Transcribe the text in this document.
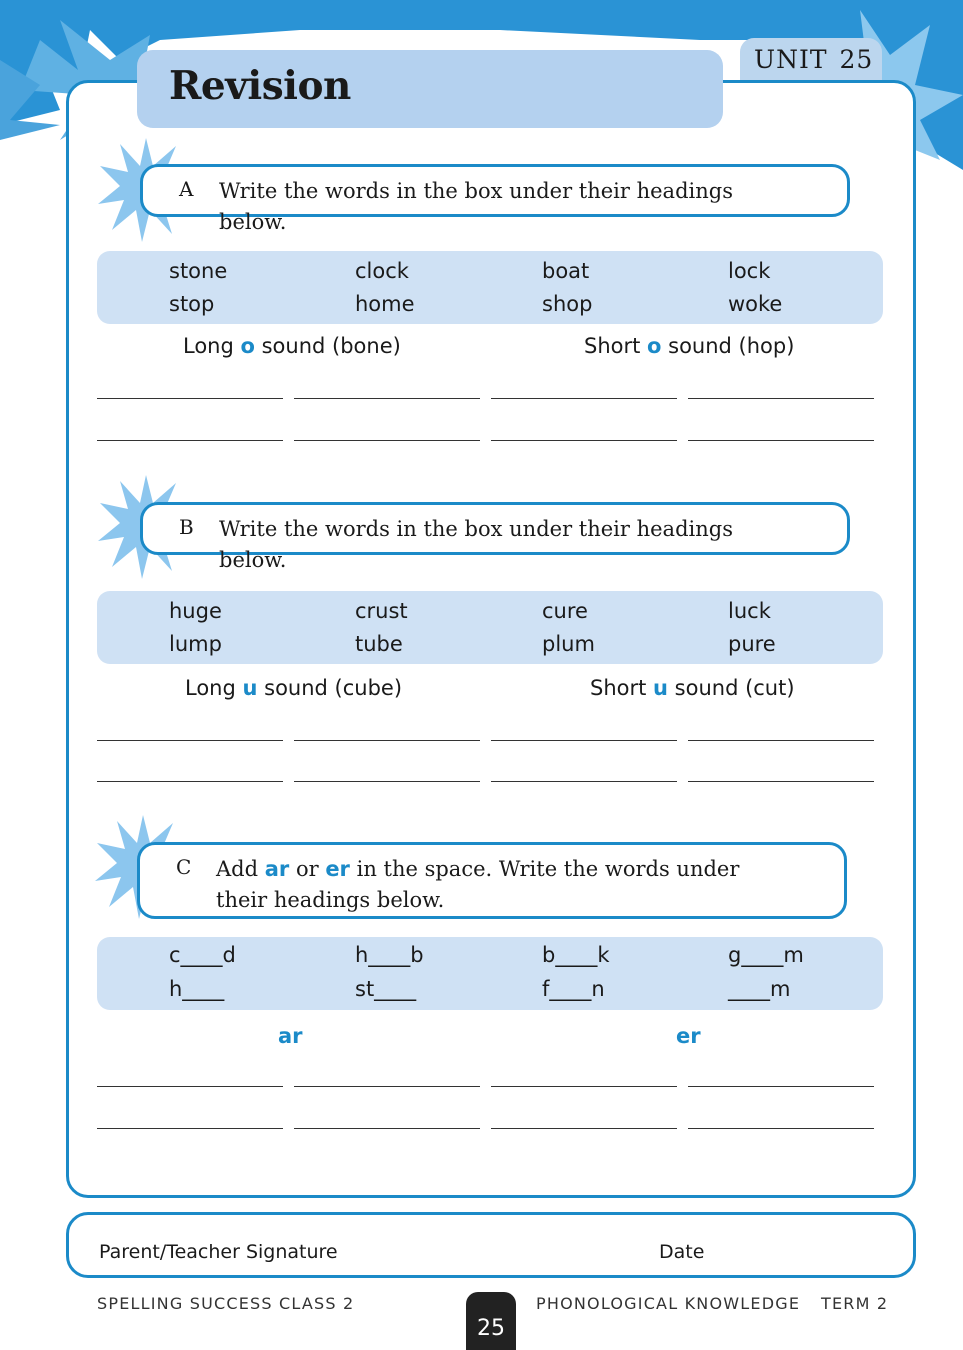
UNIT 25
Revision
A Write the words in the box under their headings below.
stone	clock	boat	lock
stop	home	shop	woke
Long o sound (bone)	Short o sound (hop)
B Write the words in the box under their headings below.
huge	crust	cure	luck
lump	tube	plum	pure
Long u sound (cube)	Short u sound (cut)
C Add ar or er in the space. Write the words under their headings below.
c____d	h____b	b____k	g____m
h____	st____	f____n	____m
ar	er
Parent/Teacher Signature	Date
SPELLING SUCCESS CLASS 2
25
PHONOLOGICAL KNOWLEDGE TERM 2
